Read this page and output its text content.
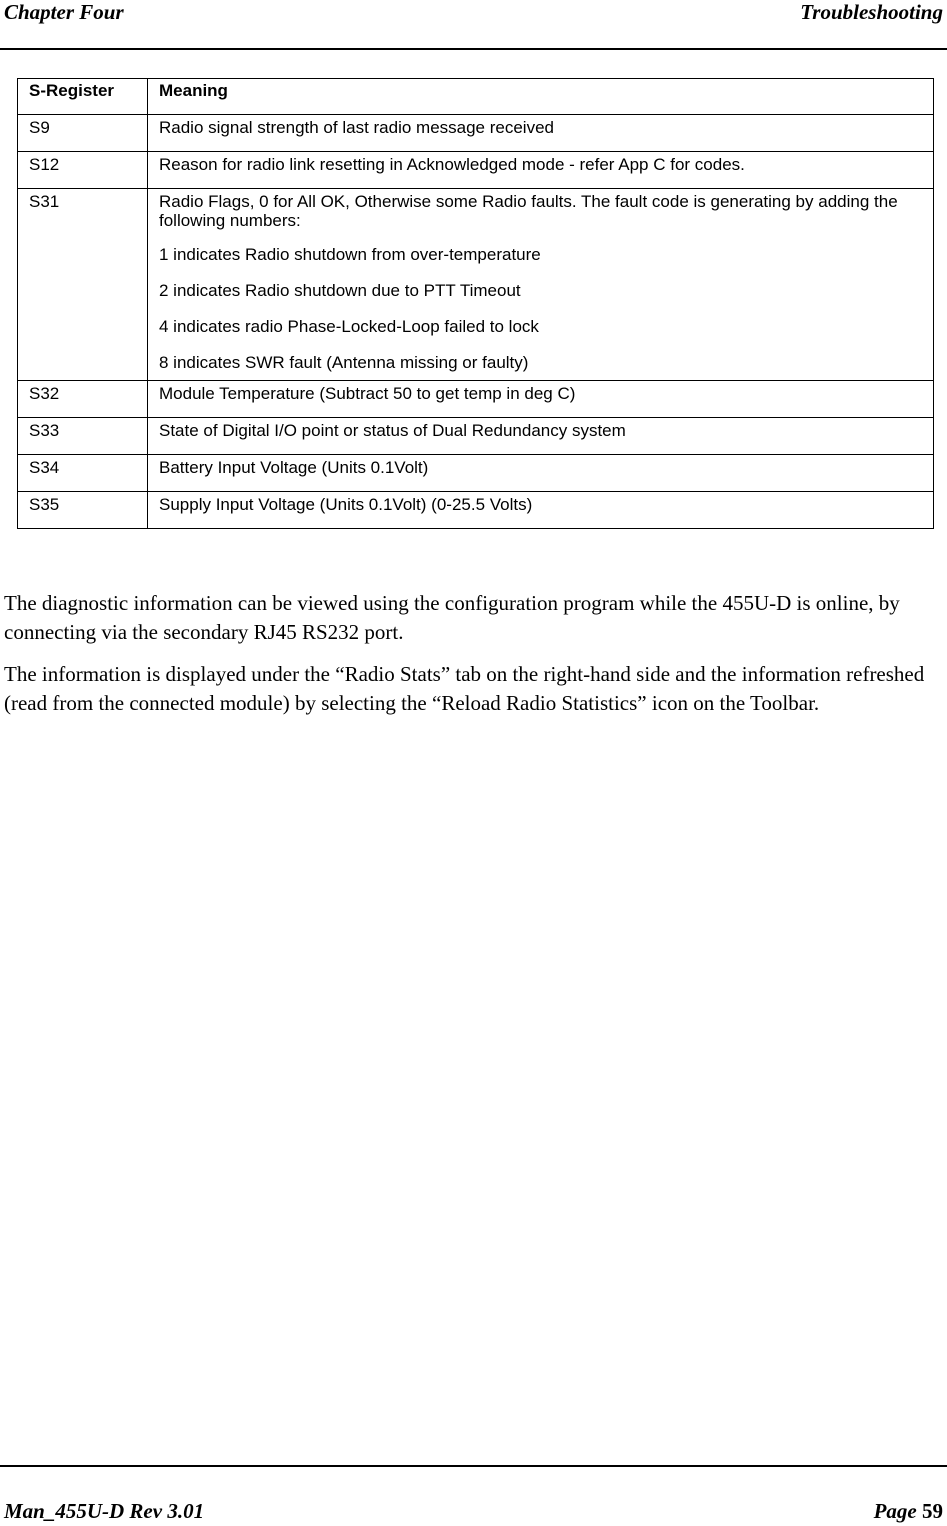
Chapter Four	Troubleshooting
S-Register	Meaning
S9	Radio signal strength of last radio message received
S12	Reason for radio link resetting in Acknowledged mode - refer App C for codes.
S31	Radio Flags, 0 for All OK, Otherwise some Radio faults. The fault code is generating by adding the following numbers:
1 indicates Radio shutdown from over-temperature
2 indicates Radio shutdown due to PTT Timeout
4 indicates radio Phase-Locked-Loop failed to lock
8 indicates SWR fault (Antenna missing or faulty)

S32	Module Temperature (Subtract 50 to get temp in deg C)
S33	State of Digital I/O point or status of Dual Redundancy system
S34	Battery Input Voltage (Units 0.1Volt)
S35	Supply Input Voltage (Units 0.1Volt) (0-25.5 Volts)

The diagnostic information can be viewed using the configuration program while the 455U-D is online, by connecting via the secondary RJ45 RS232 port.

The information is displayed under the “Radio Stats” tab on the right-hand side and the information refreshed (read from the connected module) by selecting the “Reload Radio Statistics” icon on the Toolbar.

Man_455U-D Rev 3.01	Page 59
